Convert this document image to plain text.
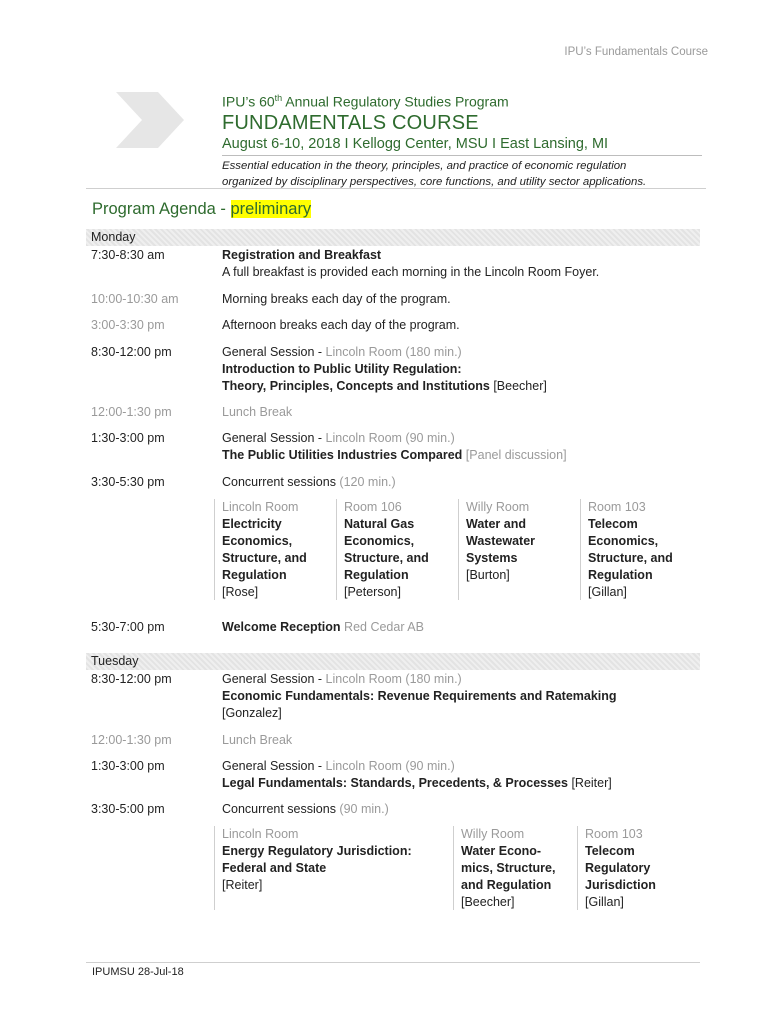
IPU’s Fundamentals Course
IPU’s 60th Annual Regulatory Studies Program
FUNDAMENTALS COURSE
August 6-10, 2018 I Kellogg Center, MSU I East Lansing, MI
Essential education in the theory, principles, and practice of economic regulation
organized by disciplinary perspectives, core functions, and utility sector applications.
Program Agenda - preliminary
Monday
7:30-8:30 am	Registration and Breakfast
A full breakfast is provided each morning in the Lincoln Room Foyer.
10:00-10:30 am	Morning breaks each day of the program.
3:00-3:30 pm	Afternoon breaks each day of the program.
8:30-12:00 pm	General Session - Lincoln Room (180 min.)
Introduction to Public Utility Regulation:
Theory, Principles, Concepts and Institutions [Beecher]
12:00-1:30 pm	Lunch Break
1:30-3:00 pm	General Session - Lincoln Room (90 min.)
The Public Utilities Industries Compared [Panel discussion]
3:30-5:30 pm	Concurrent sessions (120 min.)
Lincoln Room
Electricity
Economics,
Structure, and
Regulation
[Rose]
Room 106
Natural Gas
Economics,
Structure, and
Regulation
[Peterson]
Willy Room
Water and
Wastewater
Systems
[Burton]
Room 103
Telecom
Economics,
Structure, and
Regulation
[Gillan]
5:30-7:00 pm	Welcome Reception Red Cedar AB
Tuesday
8:30-12:00 pm	General Session - Lincoln Room (180 min.)
Economic Fundamentals: Revenue Requirements and Ratemaking
[Gonzalez]
12:00-1:30 pm	Lunch Break
1:30-3:00 pm	General Session - Lincoln Room (90 min.)
Legal Fundamentals: Standards, Precedents, & Processes [Reiter]
3:30-5:00 pm	Concurrent sessions (90 min.)
Lincoln Room
Energy Regulatory Jurisdiction:
Federal and State
[Reiter]
Willy Room
Water Econo-
mics, Structure,
and Regulation
[Beecher]
Room 103
Telecom
Regulatory
Jurisdiction
[Gillan]
IPUMSU 28-Jul-18
